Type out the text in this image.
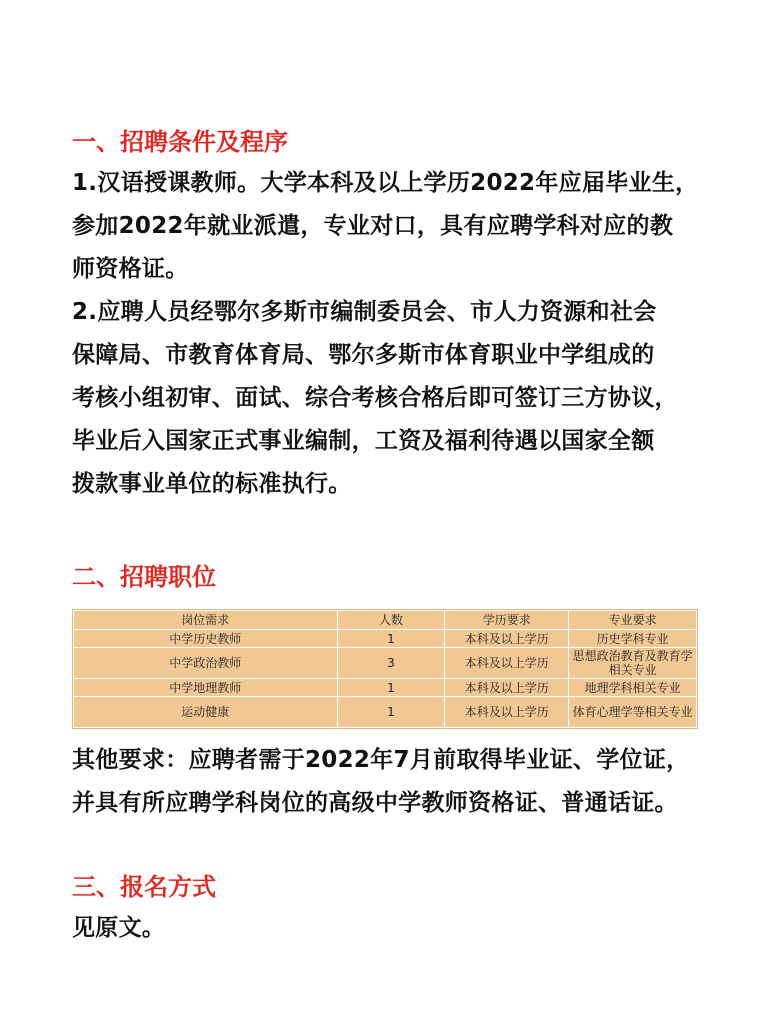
一、招聘条件及程序

1.汉语授课教师。大学本科及以上学历2022年应届毕业生，

参加2022年就业派遣，专业对口，具有应聘学科对应的教

师资格证。

2.应聘人员经鄂尔多斯市编制委员会、市人力资源和社会

保障局、市教育体育局、鄂尔多斯市体育职业中学组成的

考核小组初审、面试、综合考核合格后即可签订三方协议，

毕业后入国家正式事业编制，工资及福利待遇以国家全额

拨款事业单位的标准执行。

二、招聘职位
岗位需求	人数	学历要求	专业要求
中学历史教师	1	本科及以上学历	历史学科专业
中学政治教师	3	本科及以上学历	思想政治教育及教育学相关专业
中学地理教师	1	本科及以上学历	地理学科相关专业
运动健康	1	本科及以上学历	体育心理学等相关专业

其他要求：应聘者需于2022年7月前取得毕业证、学位证，

并具有所应聘学科岗位的高级中学教师资格证、普通话证。

三、报名方式

见原文。
